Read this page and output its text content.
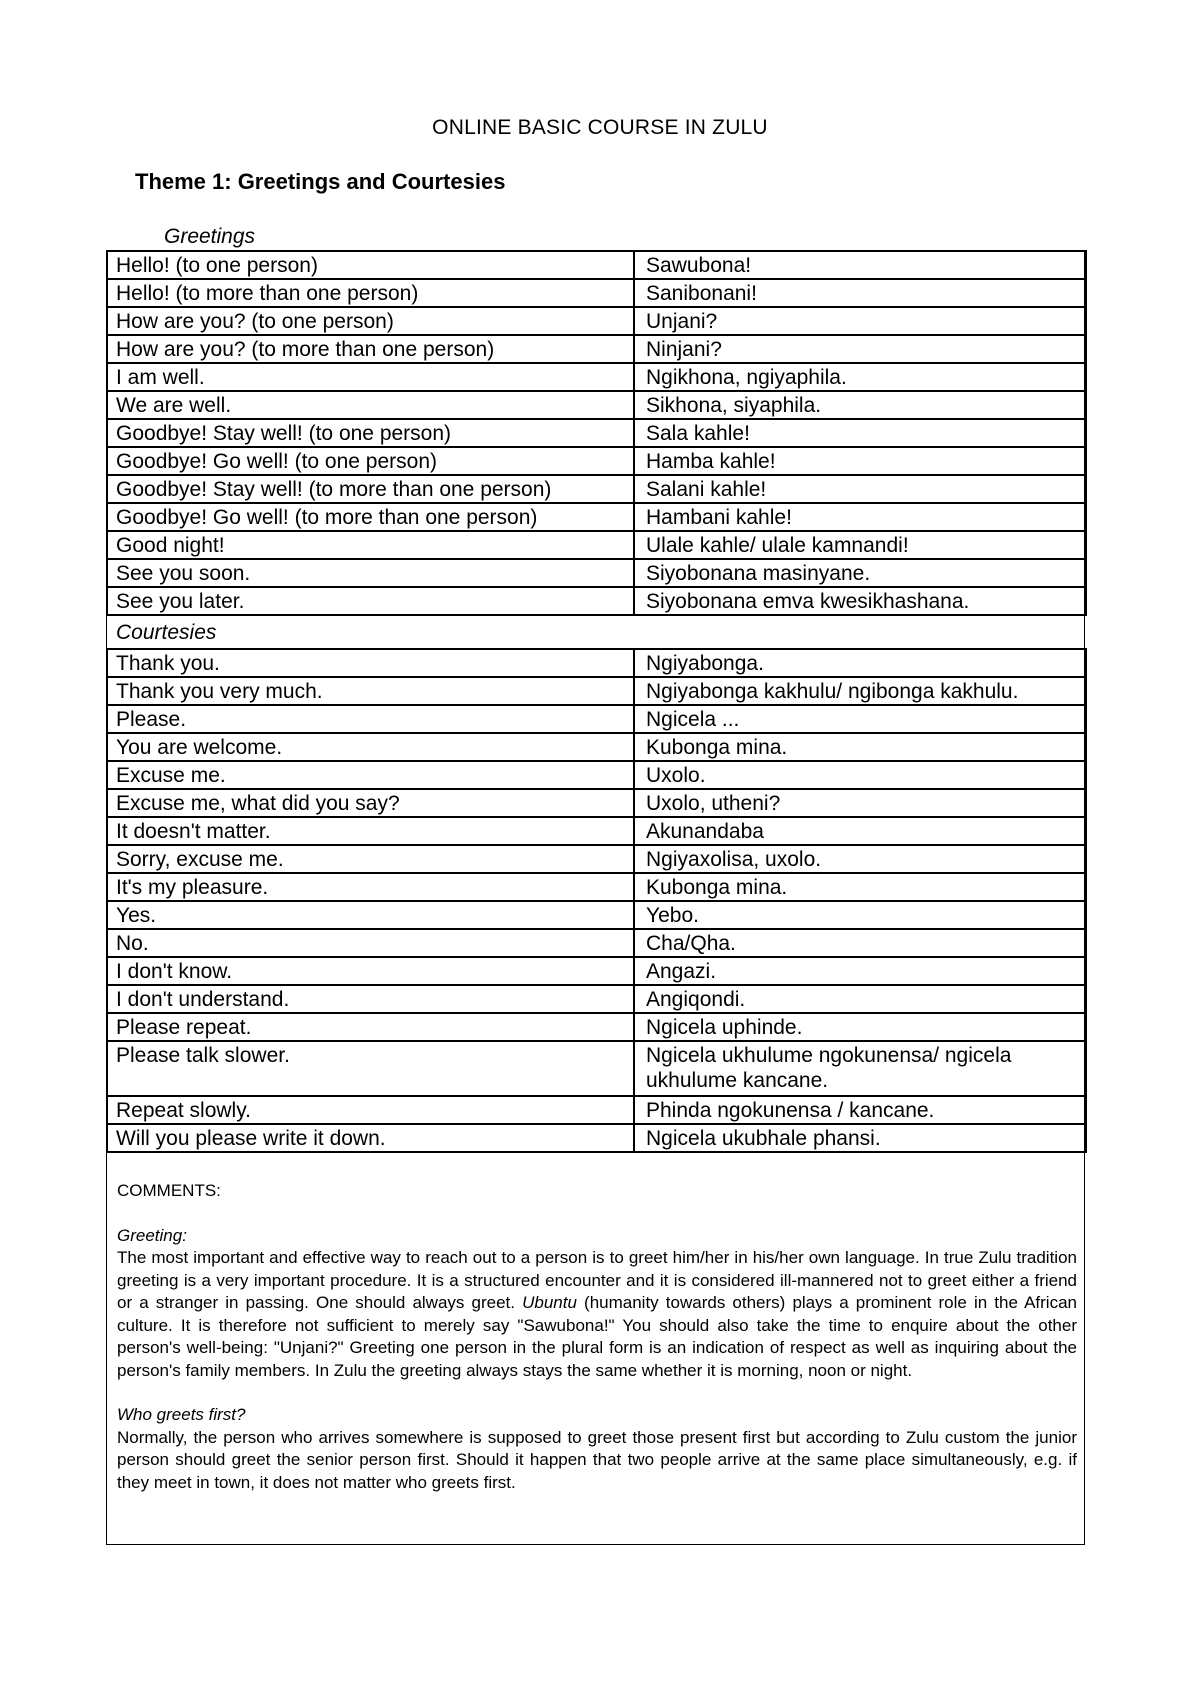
ONLINE BASIC COURSE IN ZULU
Theme 1: Greetings and Courtesies
Greetings
Hello! (to one person)	Sawubona!
Hello! (to more than one person)	Sanibonani!
How are you? (to one person)	Unjani?
How are you? (to more than one person)	Ninjani?
I am well.	Ngikhona, ngiyaphila.
We are well.	Sikhona, siyaphila.
Goodbye! Stay well! (to one person)	Sala kahle!
Goodbye! Go well! (to one person)	Hamba kahle!
Goodbye! Stay well! (to more than one person)	Salani kahle!
Goodbye! Go well! (to more than one person)	Hambani kahle!
Good night!	Ulale kahle/ ulale kamnandi!
See you soon.	Siyobonana masinyane.
See you later.	Siyobonana emva kwesikhashana.
Courtesies
Thank you.	Ngiyabonga.
Thank you very much.	Ngiyabonga kakhulu/ ngibonga kakhulu.
Please.	Ngicela ...
You are welcome.	Kubonga mina.
Excuse me.	Uxolo.
Excuse me, what did you say?	Uxolo, utheni?
It doesn't matter.	Akunandaba
Sorry, excuse me.	Ngiyaxolisa, uxolo.
It's my pleasure.	Kubonga mina.
Yes.	Yebo.
No.	Cha/Qha.
I don't know.	Angazi.
I don't understand.	Angiqondi.
Please repeat.	Ngicela uphinde.
Please talk slower.	Ngicela ukhulume ngokunensa/ ngicela ukhulume kancane.
Repeat slowly.	Phinda ngokunensa / kancane.
Will you please write it down.	Ngicela ukubhale phansi.

COMMENTS:

Greeting:

The most important and effective way to reach out to a person is to greet him/her in his/her own language. In true Zulu tradition greeting is a very important procedure. It is a structured encounter and it is considered ill-mannered not to greet either a friend or a stranger in passing. One should always greet. Ubuntu (humanity towards others) plays a prominent role in the African culture. It is therefore not sufficient to merely say "Sawubona!" You should also take the time to enquire about the other person's well-being: "Unjani?" Greeting one person in the plural form is an indication of respect as well as inquiring about the person's family members. In Zulu the greeting always stays the same whether it is morning, noon or night.

Who greets first?

Normally, the person who arrives somewhere is supposed to greet those present first but according to Zulu custom the junior person should greet the senior person first. Should it happen that two people arrive at the same place simultaneously, e.g. if they meet in town, it does not matter who greets first.
